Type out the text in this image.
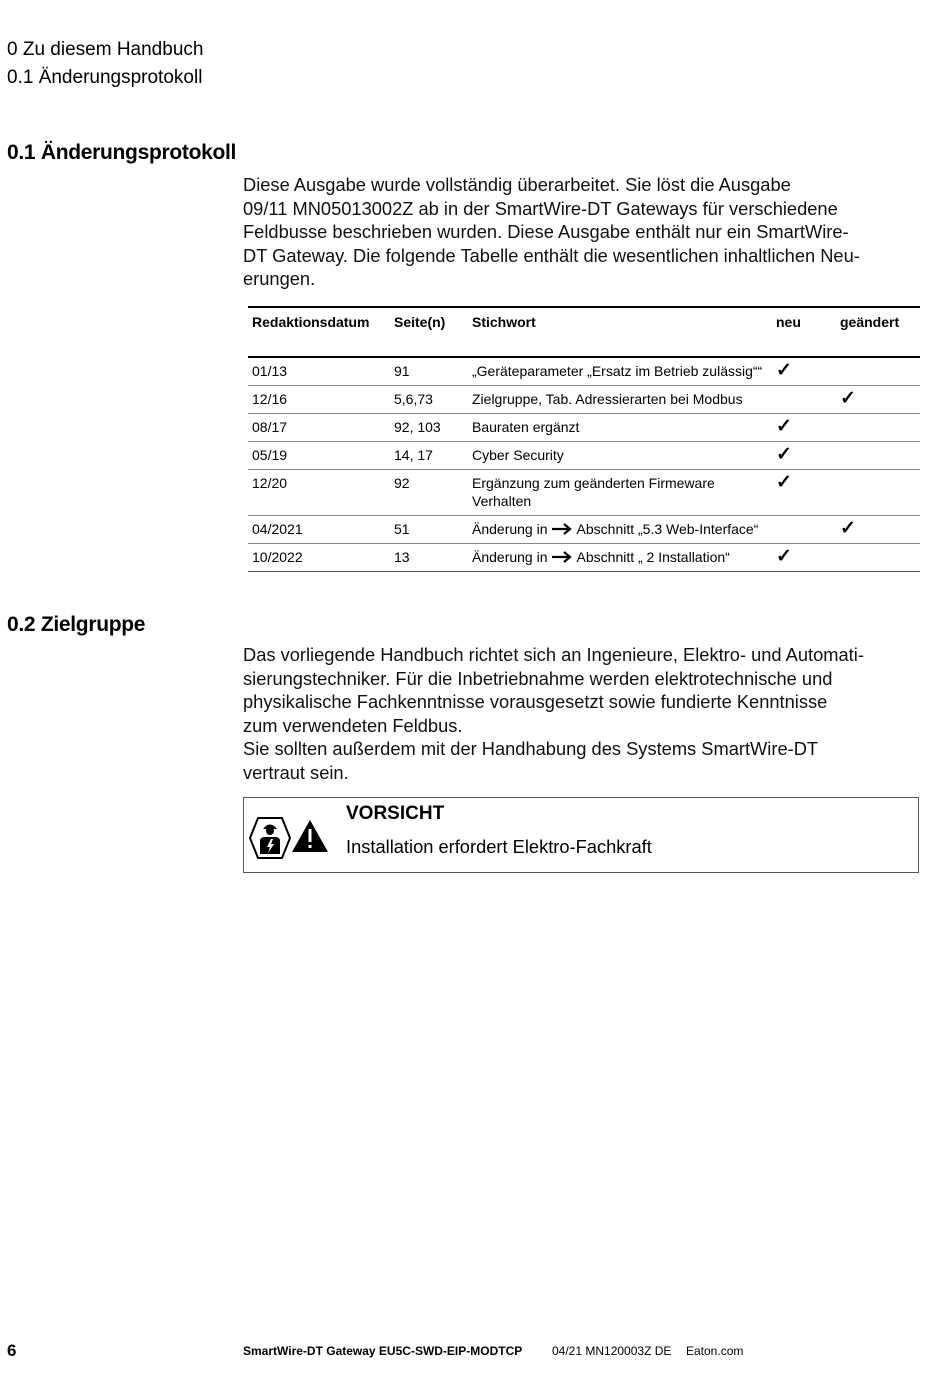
0 Zu diesem Handbuch
0.1 Änderungsprotokoll
0.1 Änderungsprotokoll
Diese Ausgabe wurde vollständig überarbeitet. Sie löst die Ausgabe
09/11 MN05013002Z ab in der SmartWire-DT Gateways für verschiedene
Feldbusse beschrieben wurden. Diese Ausgabe enthält nur ein SmartWire-
DT Gateway. Die folgende Tabelle enthält die wesentlichen inhaltlichen Neu-
erungen.
Redaktionsdatum	Seite(n)	Stichwort	neu	geändert
01/13	91	„Geräteparameter „Ersatz im Betrieb zulässig““	✓	
12/16	5,6,73	Zielgruppe, Tab. Adressierarten bei Modbus		✓
08/17	92, 103	Bauraten ergänzt	✓	
05/19	14, 17	Cyber Security	✓	
12/20	92	Ergänzung zum geänderten Firmeware
Verhalten	✓	
04/2021	51	Änderung in Abschnitt „5.3 Web-Interface“		✓
10/2022	13	Änderung in Abschnitt „ 2 Installation“	✓	
0.2 Zielgruppe
Das vorliegende Handbuch richtet sich an Ingenieure, Elektro- und Automati-
sierungstechniker. Für die Inbetriebnahme werden elektrotechnische und
physikalische Fachkenntnisse vorausgesetzt sowie fundierte Kenntnisse
zum verwendeten Feldbus.
Sie sollten außerdem mit der Handhabung des Systems SmartWire-DT
vertraut sein.
VORSICHT
Installation erfordert Elektro-Fachkraft
6	SmartWire-DT Gateway EU5C-SWD-EIP-MODTCP 04/21 MN120003Z DE Eaton.com
